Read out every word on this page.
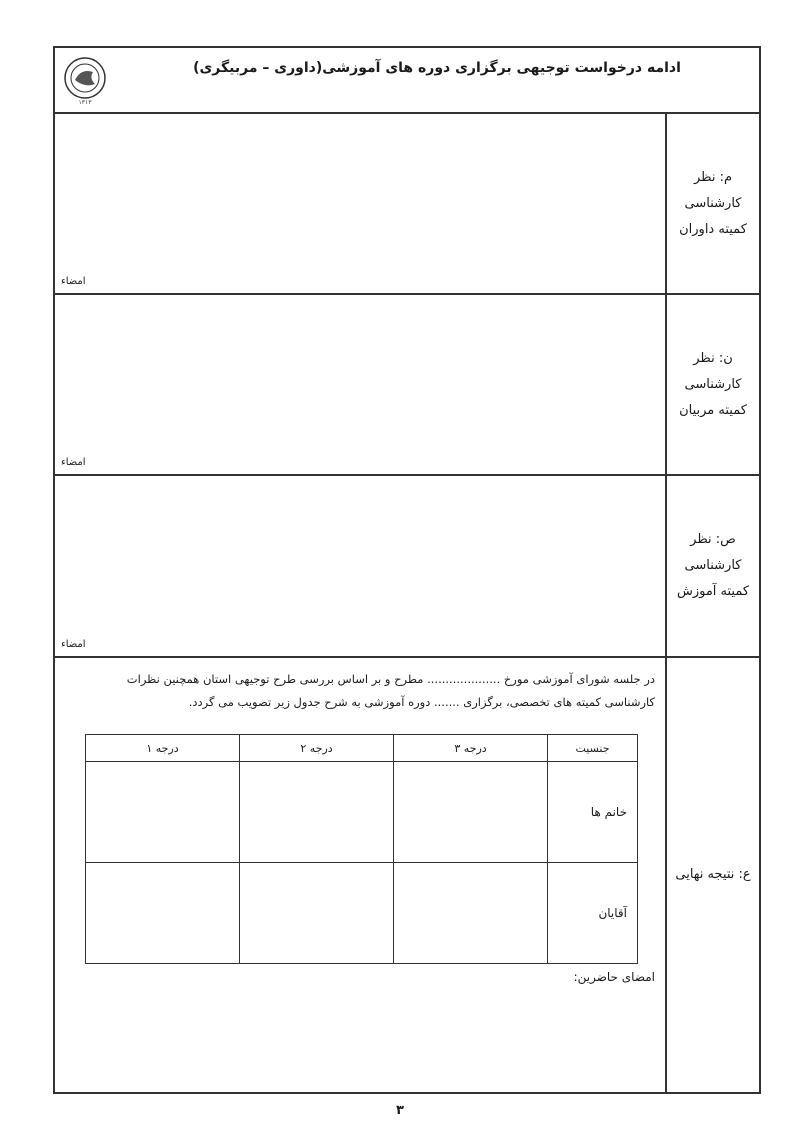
۱۳۱۳
ادامه درخواست توجیهی برگزاری دوره های آموزشی(داوری – مربیگری)
م: نظر
کارشناسی
کمیته داوران
امضاء
ن: نظر
کارشناسی
کمیته مربیان
امضاء
ص: نظر
کارشناسی
کمیته آموزش
امضاء
ع: نتیجه نهایی
در جلسه شورای آموزشی مورخ .................... مطرح و بر اساس بررسی طرح توجیهی استان همچنین نظرات
کارشناسی کمیته های تخصصی، برگزاری ....... دوره آموزشی به شرح جدول زیر تصویب می گردد.
جنسیت	درجه ۳	درجه ۲	درجه ۱
خانم ها			
آقایان			
امضای حاضرین:
۳
